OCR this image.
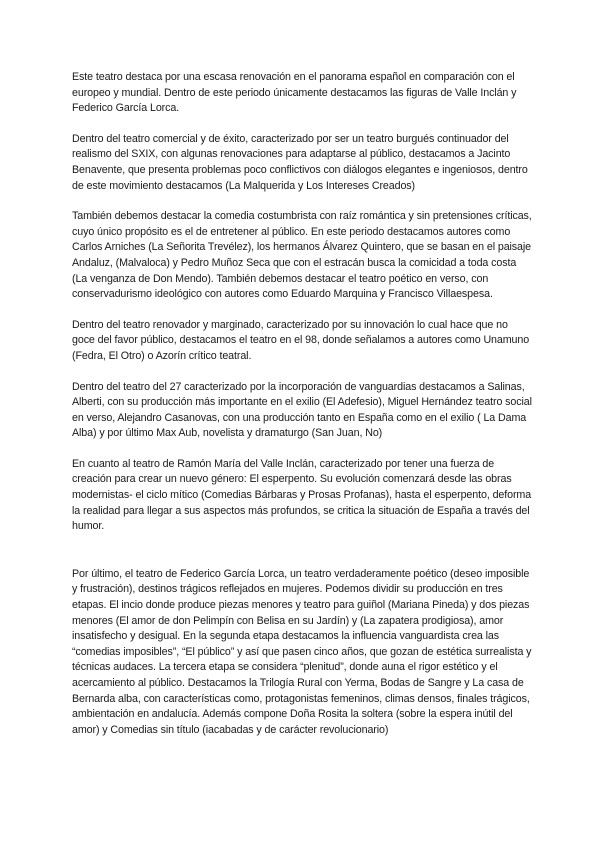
Este teatro destaca por una escasa renovación en el panorama español en comparación con el europeo y mundial. Dentro de este periodo únicamente destacamos las figuras de Valle Inclán y Federico García Lorca.

Dentro del teatro comercial y de éxito, caracterizado por ser un teatro burgués continuador del realismo del SXIX, con algunas renovaciones para adaptarse al público, destacamos a Jacinto Benavente, que presenta problemas poco conflictivos con diálogos elegantes e ingeniosos, dentro de este movimiento destacamos (La Malquerida y Los Intereses Creados)

También debemos destacar la comedia costumbrista con raíz romántica y sin pretensiones críticas, cuyo único propósito es el de entretener al público. En este periodo destacamos autores como Carlos Arniches (La Señorita Trevélez), los hermanos Álvarez Quintero, que se basan en el paisaje Andaluz, (Malvaloca) y Pedro Muñoz Seca que con el estracán busca la comicidad a toda costa (La venganza de Don Mendo). También debemos destacar el teatro poético en verso, con conservadurismo ideológico con autores como Eduardo Marquina y Francisco Villaespesa.

Dentro del teatro renovador y marginado, caracterizado por su innovación lo cual hace que no goce del favor público, destacamos el teatro en el 98, donde señalamos a autores como Unamuno (Fedra, El Otro) o Azorín crítico teatral.

Dentro del teatro del 27 caracterizado por la incorporación de vanguardias destacamos a Salinas, Alberti, con su producción más importante en el exilio (El Adefesio), Miguel Hernández teatro social en verso, Alejandro Casanovas, con una producción tanto en España como en el exilio ( La Dama Alba) y por último Max Aub, novelista y dramaturgo (San Juan, No)

En cuanto al teatro de Ramón María del Valle Inclán, caracterizado por tener una fuerza de creación para crear un nuevo género: El esperpento. Su evolución comenzará desde las obras modernistas- el ciclo mítico (Comedias Bárbaras y Prosas Profanas), hasta el esperpento, deforma la realidad para llegar a sus aspectos más profundos, se critica la situación de España a través del humor.

Por último, el teatro de Federico García Lorca, un teatro verdaderamente poético (deseo imposible y frustración), destinos trágicos reflejados en mujeres. Podemos dividir su producción en tres etapas. El incio donde produce piezas menores y teatro para guiñol (Mariana Pineda) y dos piezas menores (El amor de don Pelimpín con Belisa en su Jardín) y (La zapatera prodigiosa), amor insatisfecho y desigual. En la segunda etapa destacamos la influencia vanguardista crea las “comedias imposibles”, “El público” y así que pasen cinco años, que gozan de estética surrealista y técnicas audaces. La tercera etapa se considera “plenitud”, donde auna el rigor estético y el acercamiento al público. Destacamos la Trilogía Rural con Yerma, Bodas de Sangre y La casa de Bernarda alba, con características como, protagonistas femeninos, climas densos, finales trágicos, ambientación en andalucía. Además compone Doña Rosita la soltera (sobre la espera inútil del amor) y Comedias sin título (iacabadas y de carácter revolucionario)
